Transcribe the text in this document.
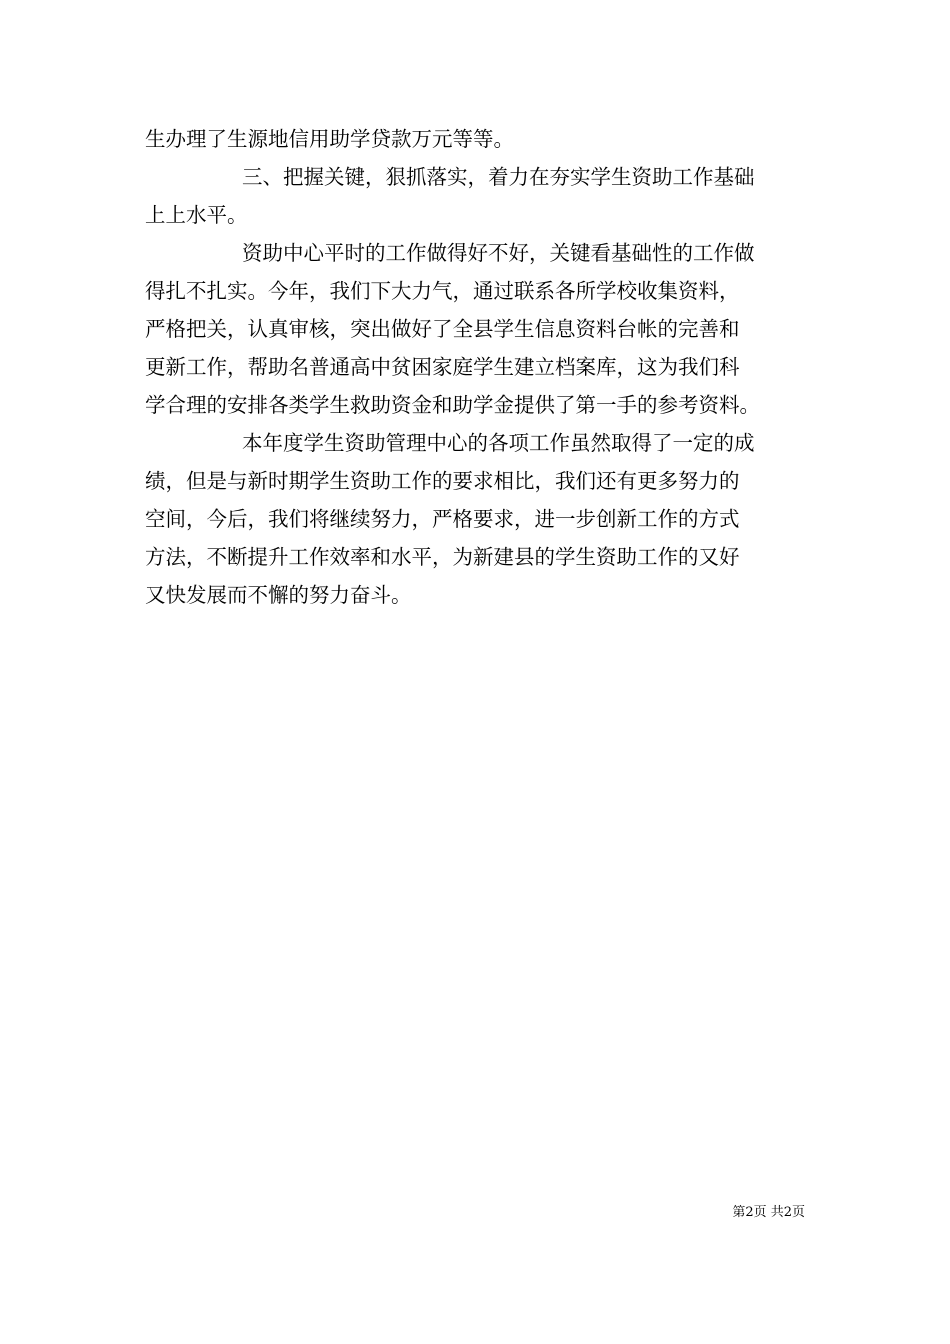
生办理了生源地信用助学贷款万元等等。
三、把握关键，狠抓落实，着力在夯实学生资助工作基础
上上水平。
资助中心平时的工作做得好不好，关键看基础性的工作做
得扎不扎实。今年，我们下大力气，通过联系各所学校收集资料，
严格把关，认真审核，突出做好了全县学生信息资料台帐的完善和
更新工作，帮助名普通高中贫困家庭学生建立档案库，这为我们科
学合理的安排各类学生救助资金和助学金提供了第一手的参考资料。
本年度学生资助管理中心的各项工作虽然取得了一定的成
绩，但是与新时期学生资助工作的要求相比，我们还有更多努力的
空间，今后，我们将继续努力，严格要求，进一步创新工作的方式
方法，不断提升工作效率和水平，为新建县的学生资助工作的又好
又快发展而不懈的努力奋斗。
第2页 共2页
